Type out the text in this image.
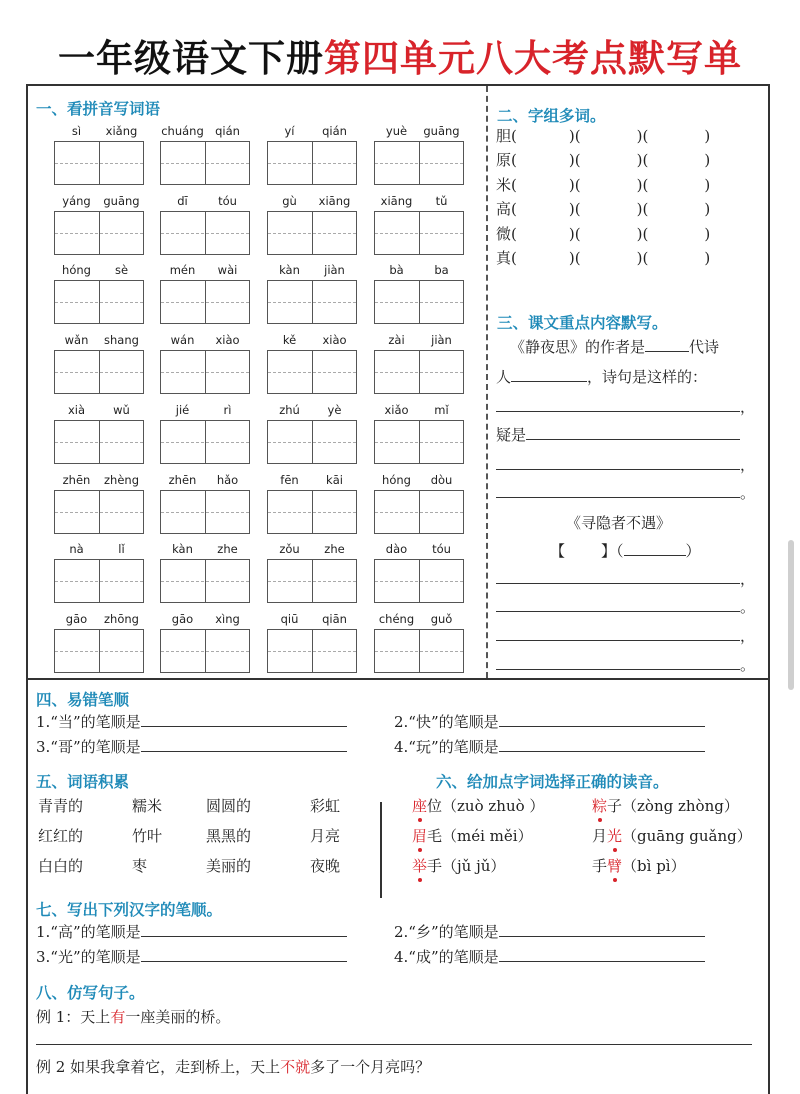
一年级语文下册第四单元八大考点默写单
一、看拼音写词语
sì	xiǎng	chuáng qián	yí	qián	yuè	guāng
yáng	guāng	dī	tóu	gù	xiāng	xiāng	tǔ
hóng	sè	mén	wài	kàn	jiàn	bà	ba
wǎn	shang	wán	xiào	kě	xiào	zài	jiàn
xià	wǔ	jié	rì	zhú	yè	xiǎo	mǐ
zhēn	zhèng	zhēn	hǎo	fēn	kāi	hóng	dòu
nà	lǐ	kàn	zhe	zǒu	zhe	dào	tóu
gāo	zhōng	gāo	xìng	qiū	qiān	chéng	guǒ
二、字组多词。
胆(	)(	)(	)
原(	)(	)(	)
米(	)(	)(	)
高(	)(	)(	)
微(	)(	)(	)
真(	)(	)(	)
三、课文重点内容默写。
《静夜思》的作者是	代诗
人	，诗句是这样的：
，
疑是
，
。
《寻隐者不遇》
【 】（	）
，
。
，
。
四、易错笔顺
1.“当”的笔顺是	2.“快”的笔顺是
3.“哥”的笔顺是	4.“玩”的笔顺是
五、词语积累
青青的	糯米	圆圆的	彩虹
红红的	竹叶	黑黑的	月亮
白白的	枣	美丽的	夜晚
六、给加点字词选择正确的读音。
座位（zuò zhuò ）	粽子（zòng zhòng）
眉毛（méi měi）	月光（guāng guǎng）
举手（jǔ jǔ）	手臂（bì pì）
七、写出下列汉字的笔顺。
1.“高”的笔顺是	2.“乡”的笔顺是
3.“光”的笔顺是	4.“成”的笔顺是
八、仿写句子。
例 1：天上有一座美丽的桥。
例 2 如果我拿着它，走到桥上，天上不就多了一个月亮吗？
